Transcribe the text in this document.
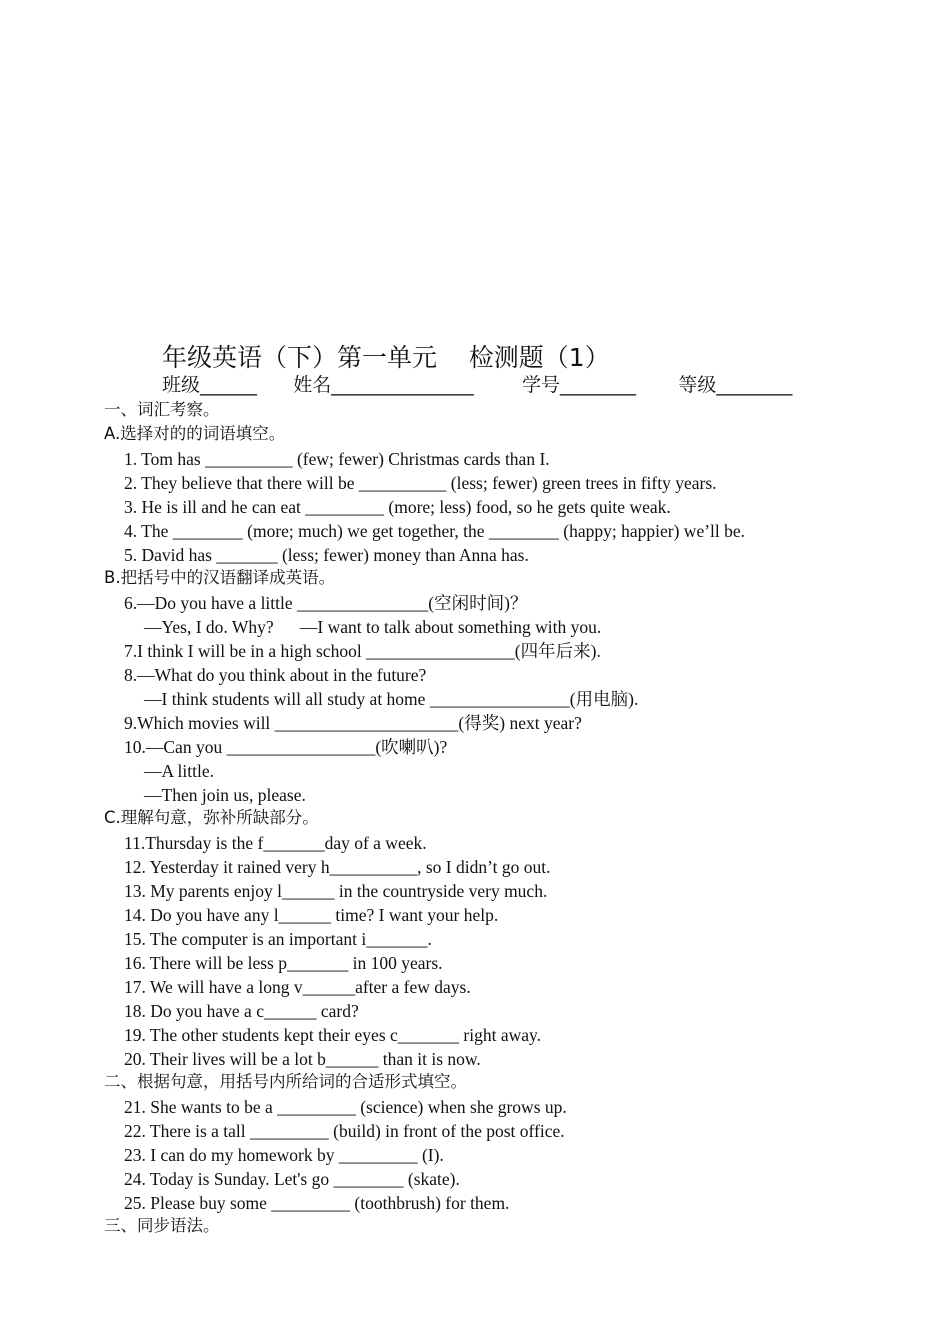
年级英语（下）第一单元    检测题（1）
班级______      姓名_______________        学号________       等级________
一、词汇考察。
A.选择对的的词语填空。
1. Tom has __________ (few; fewer) Christmas cards than I.
2. They believe that there will be __________ (less; fewer) green trees in fifty years.
3. He is ill and he can eat _________ (more; less) food, so he gets quite weak.
4. The ________ (more; much) we get together, the ________ (happy; happier) we’ll be.
5. David has _______ (less; fewer) money than Anna has.
B.把括号中的汉语翻译成英语。
6.—Do you have a little _______________(空闲时间)？
—Yes, I do. Why?      —I want to talk about something with you.
7.I think I will be in a high school _________________(四年后来).
8.—What do you think about in the future?
—I think students will all study at home ________________(用电脑).
9.Which movies will _____________________(得奖) next year?
10.—Can you _________________(吹喇叭)?
—A little.
—Then join us, please.
C.理解句意，弥补所缺部分。
11.Thursday is the f_______day of a week.
12. Yesterday it rained very h__________, so I didn’t go out.
13. My parents enjoy l______ in the countryside very much.
14. Do you have any l______ time? I want your help.
15. The computer is an important i_______.
16. There will be less p_______ in 100 years.
17. We will have a long v______after a few days.
18. Do you have a c______ card?
19. The other students kept their eyes c_______ right away.
20. Their lives will be a lot b______ than it is now.
二、根据句意，用括号内所给词的合适形式填空。
21. She wants to be a _________ (science) when she grows up.
22. There is a tall _________ (build) in front of the post office.
23. I can do my homework by _________ (I).
24. Today is Sunday. Let's go ________ (skate).
25. Please buy some _________ (toothbrush) for them.
三、同步语法。
